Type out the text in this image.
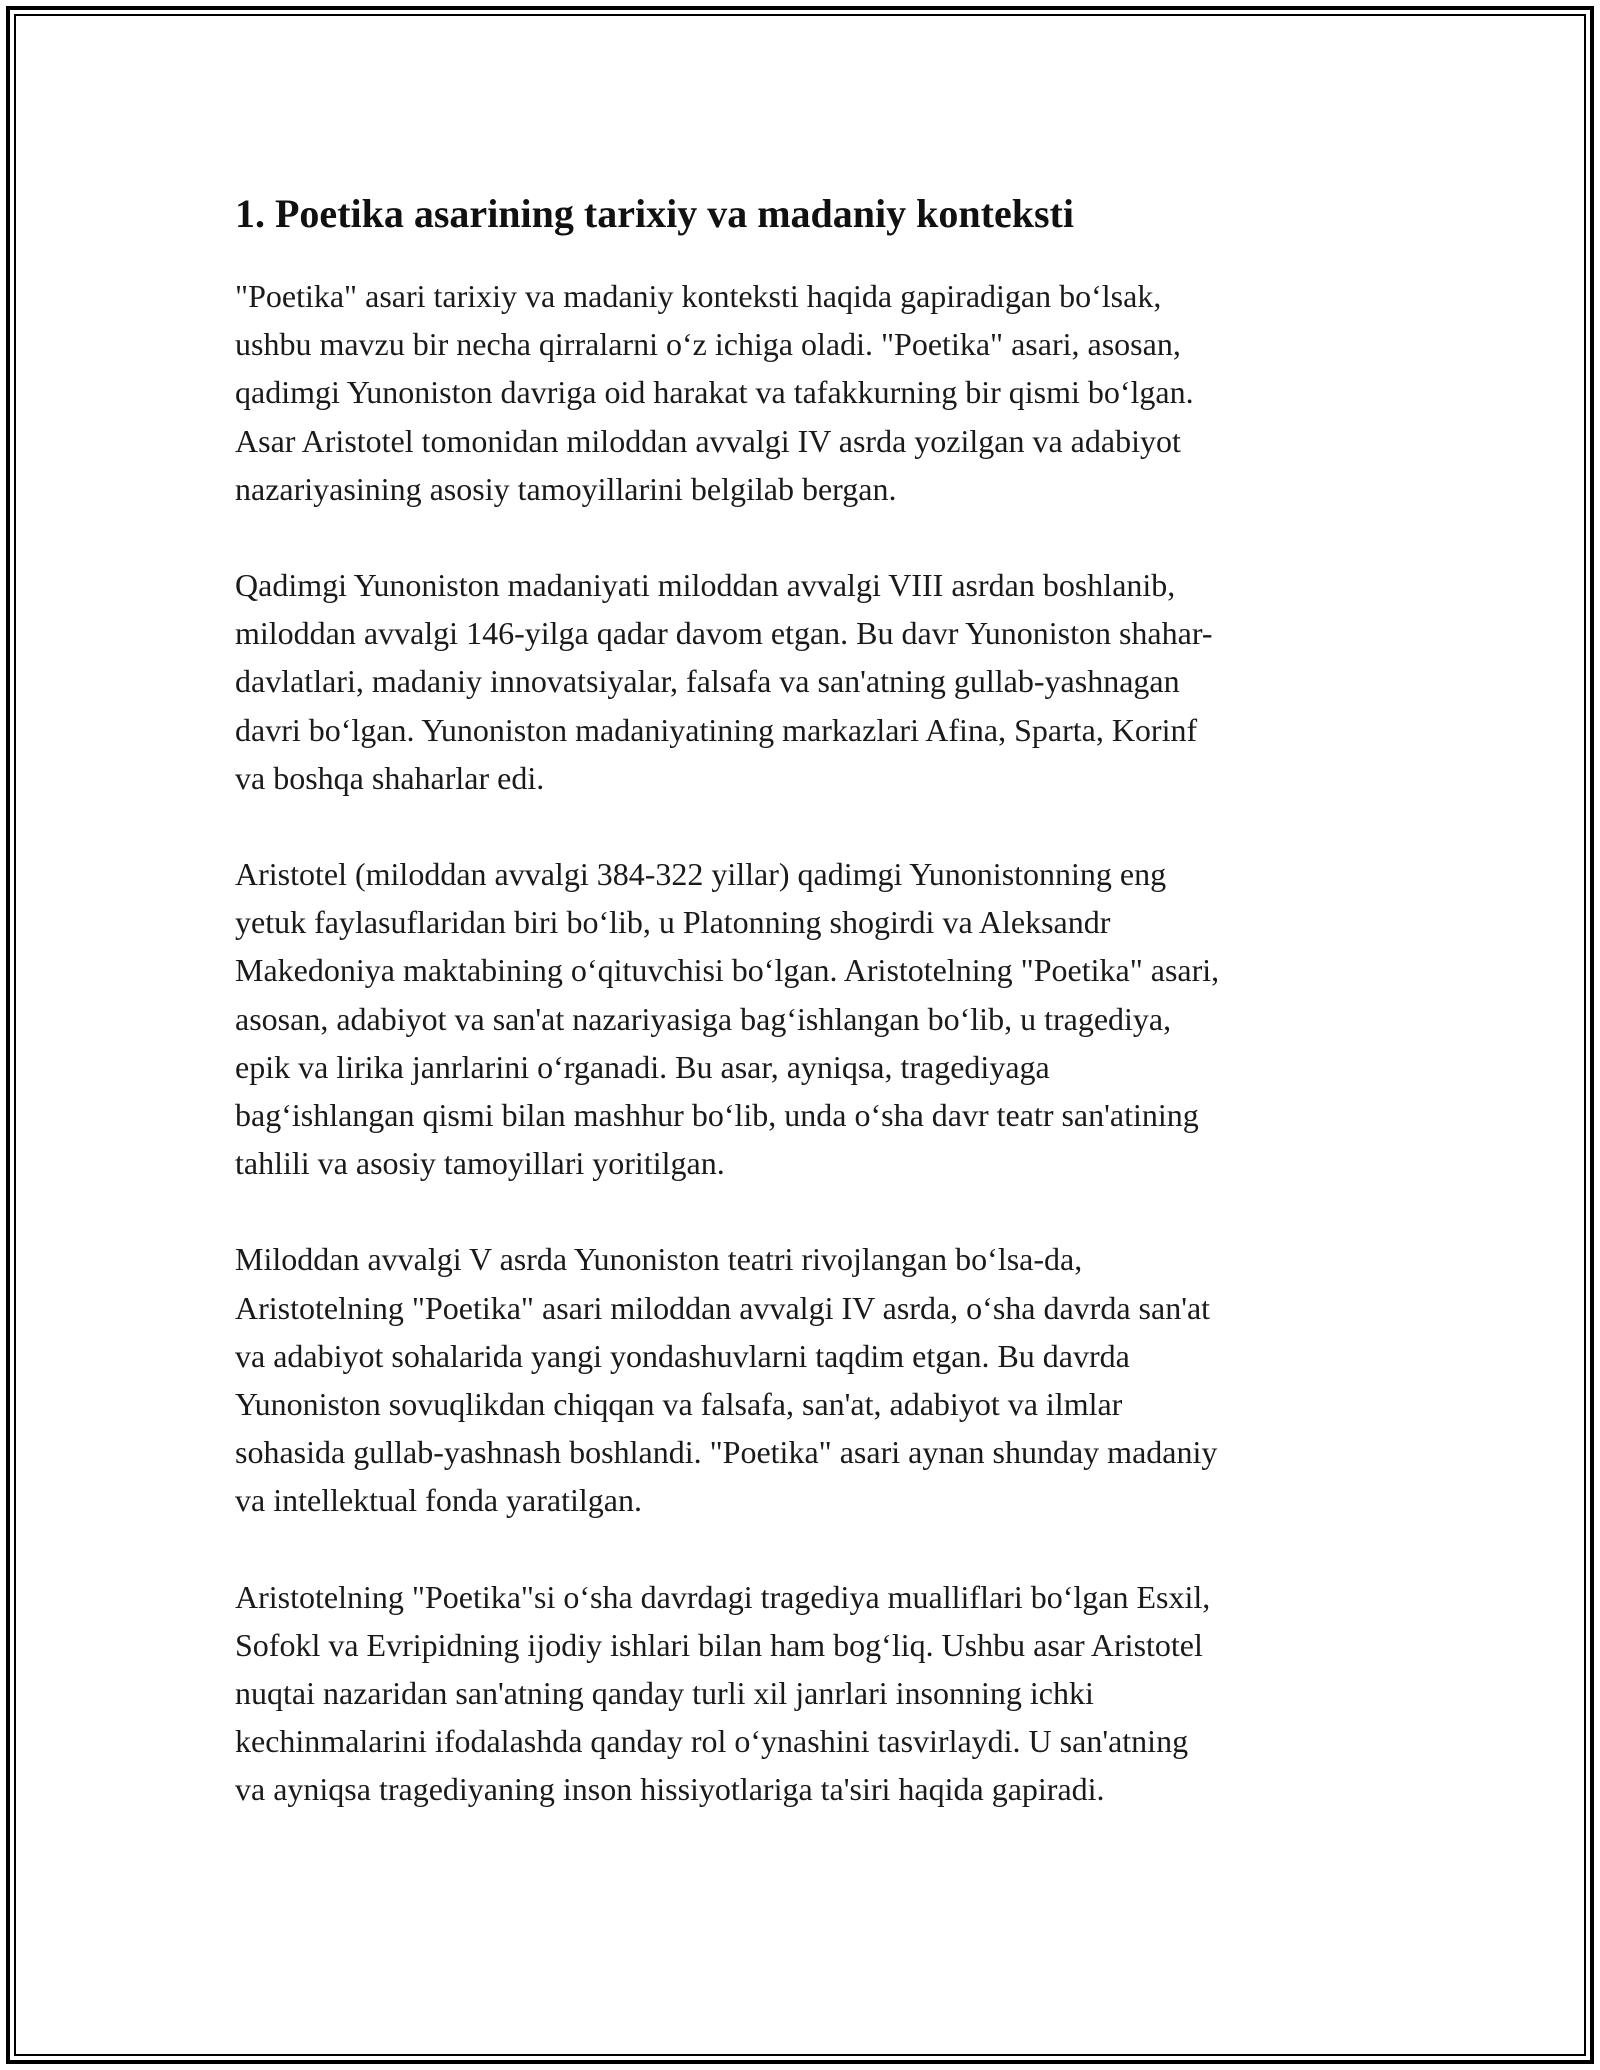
1. Poetika asarining tarixiy va madaniy konteksti

"Poetika" asari tarixiy va madaniy konteksti haqida gapiradigan boʻlsak,
ushbu mavzu bir necha qirralarni oʻz ichiga oladi. "Poetika" asari, asosan,
qadimgi Yunoniston davriga oid harakat va tafakkurning bir qismi boʻlgan.
Asar Aristotel tomonidan miloddan avvalgi IV asrda yozilgan va adabiyot
nazariyasining asosiy tamoyillarini belgilab bergan.

Qadimgi Yunoniston madaniyati miloddan avvalgi VIII asrdan boshlanib,
miloddan avvalgi 146-yilga qadar davom etgan. Bu davr Yunoniston shahar-
davlatlari, madaniy innovatsiyalar, falsafa va san'atning gullab-yashnagan
davri boʻlgan. Yunoniston madaniyatining markazlari Afina, Sparta, Korinf
va boshqa shaharlar edi.

Aristotel (miloddan avvalgi 384-322 yillar) qadimgi Yunonistonning eng
yetuk faylasuflaridan biri boʻlib, u Platonning shogirdi va Aleksandr
Makedoniya maktabining oʻqituvchisi boʻlgan. Aristotelning "Poetika" asari,
asosan, adabiyot va san'at nazariyasiga bagʻishlangan boʻlib, u tragediya,
epik va lirika janrlarini oʻrganadi. Bu asar, ayniqsa, tragediyaga
bagʻishlangan qismi bilan mashhur boʻlib, unda oʻsha davr teatr san'atining
tahlili va asosiy tamoyillari yoritilgan.

Miloddan avvalgi V asrda Yunoniston teatri rivojlangan boʻlsa-da,
Aristotelning "Poetika" asari miloddan avvalgi IV asrda, oʻsha davrda san'at
va adabiyot sohalarida yangi yondashuvlarni taqdim etgan. Bu davrda
Yunoniston sovuqlikdan chiqqan va falsafa, san'at, adabiyot va ilmlar
sohasida gullab-yashnash boshlandi. "Poetika" asari aynan shunday madaniy
va intellektual fonda yaratilgan.

Aristotelning "Poetika"si oʻsha davrdagi tragediya mualliflari boʻlgan Esxil,
Sofokl va Evripidning ijodiy ishlari bilan ham bogʻliq. Ushbu asar Aristotel
nuqtai nazaridan san'atning qanday turli xil janrlari insonning ichki
kechinmalarini ifodalashda qanday rol oʻynashini tasvirlaydi. U san'atning
va ayniqsa tragediyaning inson hissiyotlariga ta'siri haqida gapiradi.
